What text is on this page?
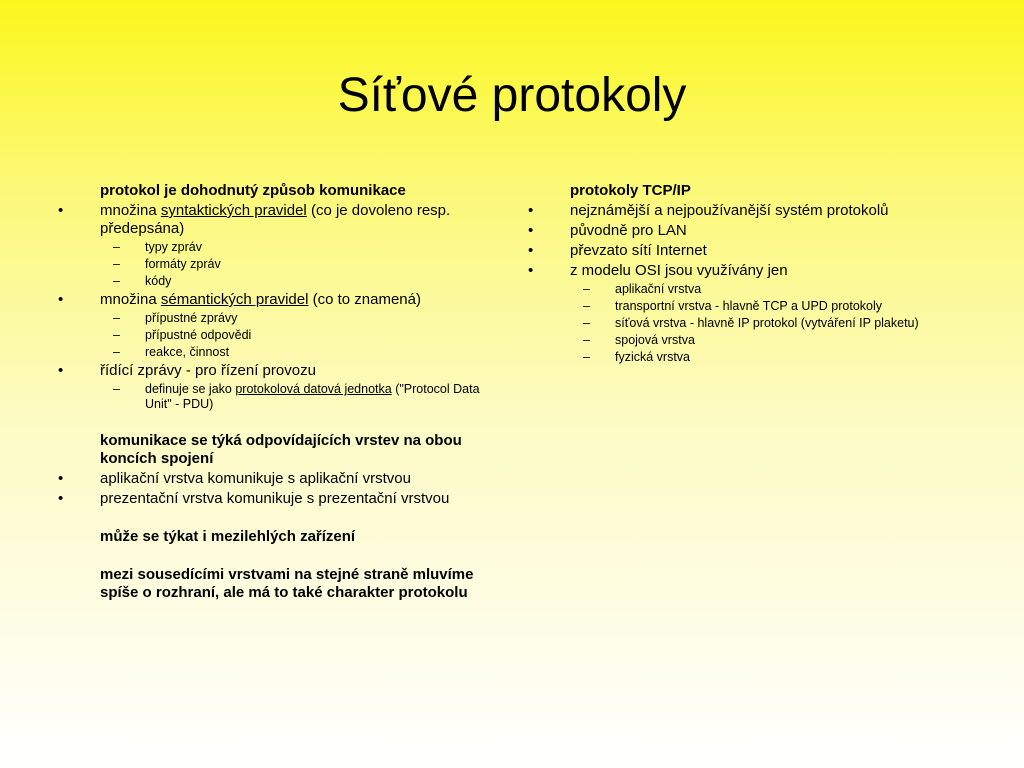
Síťové protokoly
protokol je dohodnutý způsob komunikace
•	množina syntaktických pravidel (co je dovoleno resp. předepsána)
–	typy zpráv
–	formáty zpráv
–	kódy
•	množina sémantických pravidel (co to znamená)
–	přípustné zprávy
–	přípustné odpovědi
–	reakce, činnost
•	řídící zprávy - pro řízení provozu
–	definuje se jako protokolová datová jednotka ("Protocol Data Unit" - PDU)
komunikace se týká odpovídajících vrstev na obou koncích spojení
•	aplikační vrstva komunikuje s aplikační vrstvou
•	prezentační vrstva komunikuje s prezentační vrstvou
může se týkat i mezilehlých zařízení
mezi sousedícími vrstvami na stejné straně mluvíme spíše o rozhraní, ale má to také charakter protokolu
protokoly TCP/IP
•	nejznámější a nejpoužívanější systém protokolů
•	původně pro LAN
•	převzato sítí Internet
•	z modelu OSI jsou využívány jen
–	aplikační vrstva
–	transportní vrstva - hlavně TCP a UPD protokoly
–	síťová vrstva - hlavně IP protokol (vytváření IP plaketu)
–	spojová vrstva
–	fyzická vrstva
